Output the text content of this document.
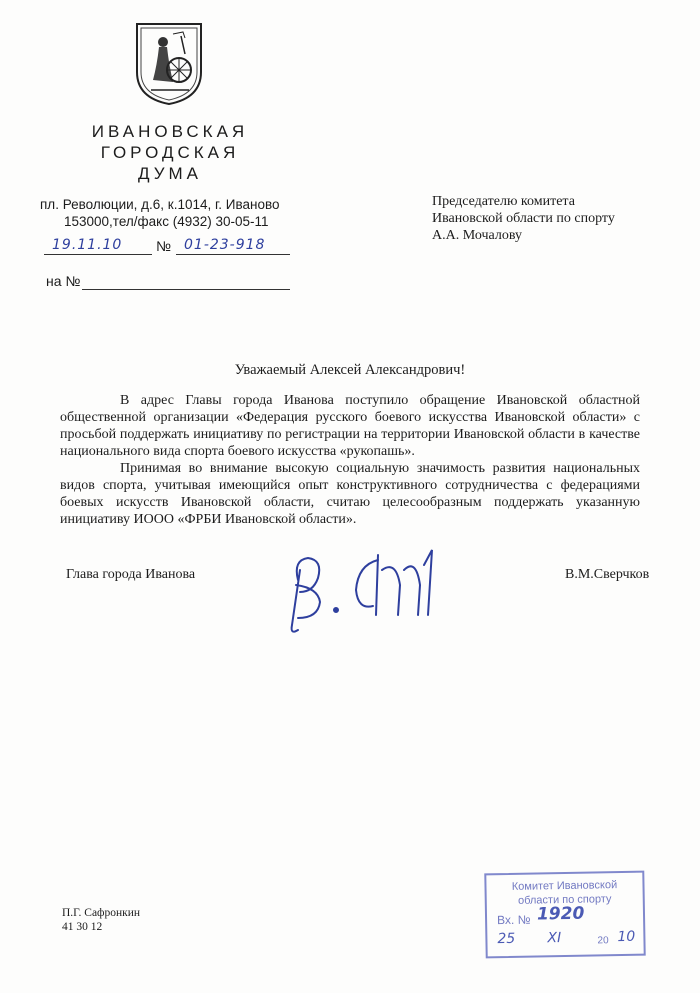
ИВАНОВСКАЯ
ГОРОДСКАЯ
ДУМА
пл. Революции, д.6, к.1014, г. Иваново
153000,тел/факс (4932) 30-05-11
19.11.10	№ 01-23-918
на №
Председателю комитета
Ивановской области по спорту
А.А. Мочалову
Уважаемый Алексей Александрович!

В адрес Главы города Иванова поступило обращение Ивановской областной общественной организации «Федерация русского боевого искусства Ивановской области» с просьбой поддержать инициативу по регистрации на территории Ивановской области в качестве национального вида спорта боевого искусства «рукопашь».

Принимая во внимание высокую социальную значимость развития национальных видов спорта, учитывая имеющийся опыт конструктивного сотрудничества с федерациями боевых искусств Ивановской области, считаю целесообразным поддержать указанную инициативу ИООО «ФРБИ Ивановской области».

Глава города Иванова	В.М.Сверчков
П.Г. Сафронкин
41 30 12
Комитет Ивановской
области по спорту
Вх. № 1920
25 XI	20 10
